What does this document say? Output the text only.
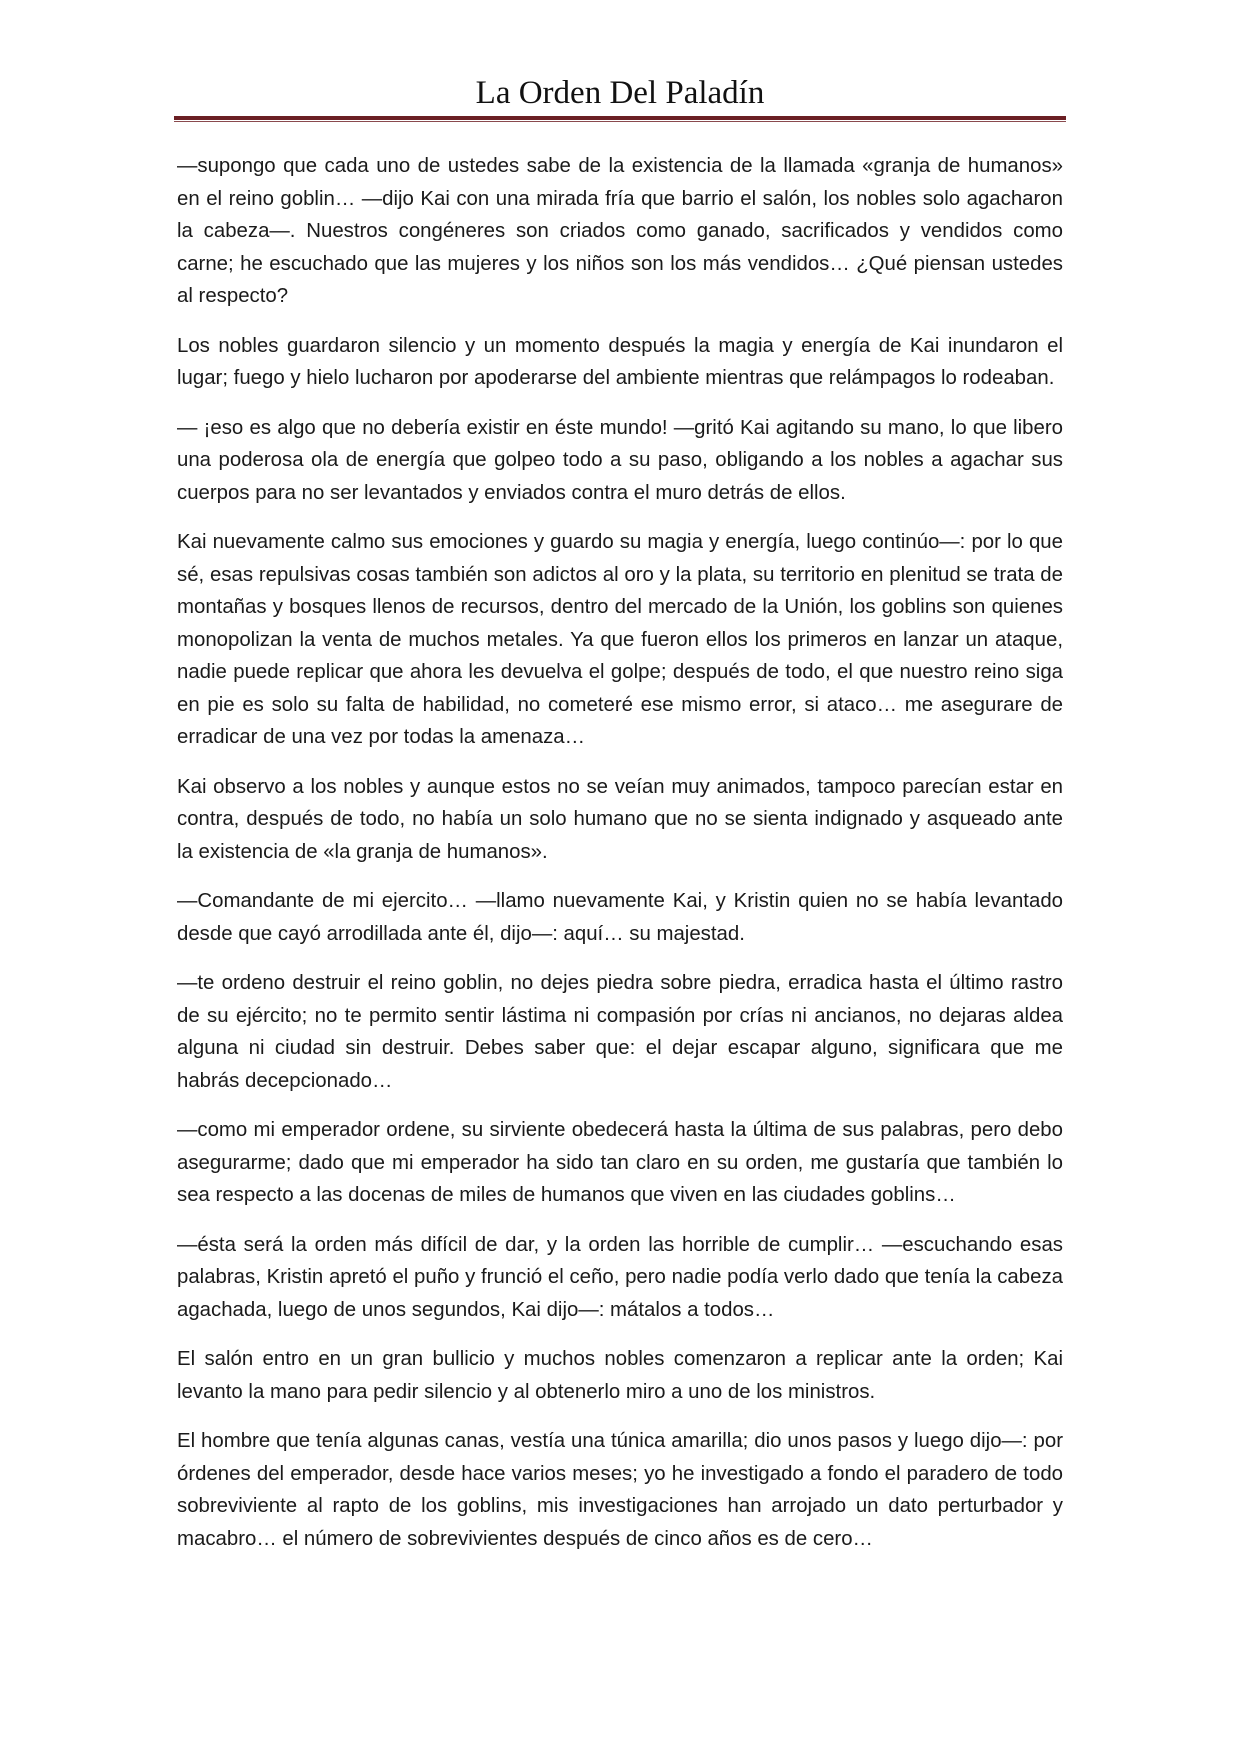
La Orden Del Paladín

—supongo que cada uno de ustedes sabe de la existencia de la llamada «granja de humanos» en el reino goblin… —dijo Kai con una mirada fría que barrio el salón, los nobles solo agacharon la cabeza—. Nuestros congéneres son criados como ganado, sacrificados y vendidos como carne; he escuchado que las mujeres y los niños son los más vendidos… ¿Qué piensan ustedes al respecto?

Los nobles guardaron silencio y un momento después la magia y energía de Kai inundaron el lugar; fuego y hielo lucharon por apoderarse del ambiente mientras que relámpagos lo rodeaban.

— ¡eso es algo que no debería existir en éste mundo! —gritó Kai agitando su mano, lo que libero una poderosa ola de energía que golpeo todo a su paso, obligando a los nobles a agachar sus cuerpos para no ser levantados y enviados contra el muro detrás de ellos.

Kai nuevamente calmo sus emociones y guardo su magia y energía, luego continúo—: por lo que sé, esas repulsivas cosas también son adictos al oro y la plata, su territorio en plenitud se trata de montañas y bosques llenos de recursos, dentro del mercado de la Unión, los goblins son quienes monopolizan la venta de muchos metales. Ya que fueron ellos los primeros en lanzar un ataque, nadie puede replicar que ahora les devuelva el golpe; después de todo, el que nuestro reino siga en pie es solo su falta de habilidad, no cometeré ese mismo error, si ataco… me asegurare de erradicar de una vez por todas la amenaza…

Kai observo a los nobles y aunque estos no se veían muy animados, tampoco parecían estar en contra, después de todo, no había un solo humano que no se sienta indignado y asqueado ante la existencia de «la granja de humanos».

—Comandante de mi ejercito… —llamo nuevamente Kai, y Kristin quien no se había levantado desde que cayó arrodillada ante él, dijo—: aquí… su majestad.

—te ordeno destruir el reino goblin, no dejes piedra sobre piedra, erradica hasta el último rastro de su ejército; no te permito sentir lástima ni compasión por crías ni ancianos, no dejaras aldea alguna ni ciudad sin destruir. Debes saber que: el dejar escapar alguno, significara que me habrás decepcionado…

—como mi emperador ordene, su sirviente obedecerá hasta la última de sus palabras, pero debo asegurarme; dado que mi emperador ha sido tan claro en su orden, me gustaría que también lo sea respecto a las docenas de miles de humanos que viven en las ciudades goblins…

—ésta será la orden más difícil de dar, y la orden las horrible de cumplir… —escuchando esas palabras, Kristin apretó el puño y frunció el ceño, pero nadie podía verlo dado que tenía la cabeza agachada, luego de unos segundos, Kai dijo—: mátalos a todos…

El salón entro en un gran bullicio y muchos nobles comenzaron a replicar ante la orden; Kai levanto la mano para pedir silencio y al obtenerlo miro a uno de los ministros.

El hombre que tenía algunas canas, vestía una túnica amarilla; dio unos pasos y luego dijo—: por órdenes del emperador, desde hace varios meses; yo he investigado a fondo el paradero de todo sobreviviente al rapto de los goblins, mis investigaciones han arrojado un dato perturbador y macabro… el número de sobrevivientes después de cinco años es de cero…
